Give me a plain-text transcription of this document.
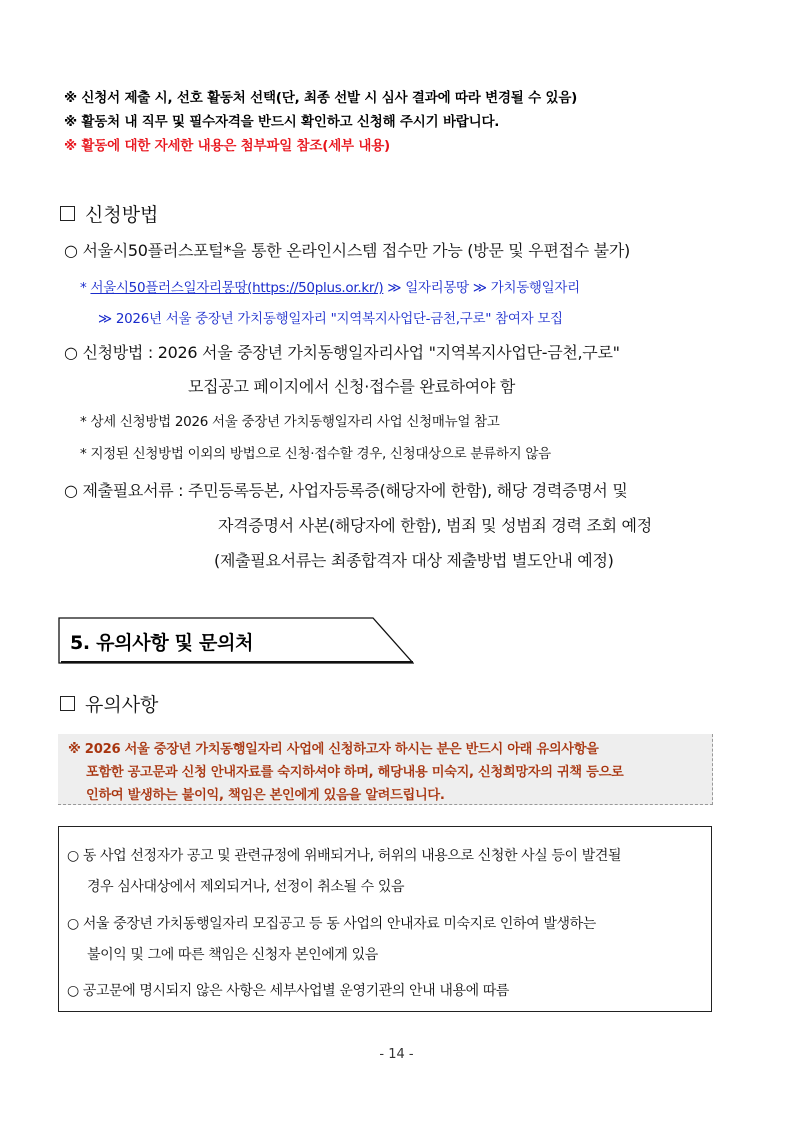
※ 신청서 제출 시, 선호 활동처 선택(단, 최종 선발 시 심사 결과에 따라 변경될 수 있음)
※ 활동처 내 직무 및 필수자격을 반드시 확인하고 신청해 주시기 바랍니다.
※ 활동에 대한 자세한 내용은 첨부파일 참조(세부 내용)
신청방법
○ 서울시50플러스포털*을 통한 온라인시스템 접수만 가능 (방문 및 우편접수 불가)
* 서울시50플러스일자리몽땅(https://50plus.or.kr/) ≫ 일자리몽땅 ≫ 가치동행일자리
≫ 2026년 서울 중장년 가치동행일자리 "지역복지사업단-금천,구로" 참여자 모집
○ 신청방법 : 2026 서울 중장년 가치동행일자리사업 "지역복지사업단-금천,구로"
모집공고 페이지에서 신청·접수를 완료하여야 함
* 상세 신청방법 2026 서울 중장년 가치동행일자리 사업 신청매뉴얼 참고
* 지정된 신청방법 이외의 방법으로 신청·접수할 경우, 신청대상으로 분류하지 않음
○ 제출필요서류 : 주민등록등본, 사업자등록증(해당자에 한함), 해당 경력증명서 및
자격증명서 사본(해당자에 한함), 범죄 및 성범죄 경력 조회 예정
(제출필요서류는 최종합격자 대상 제출방법 별도안내 예정)
5. 유의사항 및 문의처
유의사항
※ 2026 서울 중장년 가치동행일자리 사업에 신청하고자 하시는 분은 반드시 아래 유의사항을
포함한 공고문과 신청 안내자료를 숙지하셔야 하며, 해당내용 미숙지, 신청희망자의 귀책 등으로
인하여 발생하는 불이익, 책임은 본인에게 있음을 알려드립니다.
○ 동 사업 선정자가 공고 및 관련규정에 위배되거나, 허위의 내용으로 신청한 사실 등이 발견될
경우 심사대상에서 제외되거나, 선정이 취소될 수 있음
○ 서울 중장년 가치동행일자리 모집공고 등 동 사업의 안내자료 미숙지로 인하여 발생하는
불이익 및 그에 따른 책임은 신청자 본인에게 있음
○ 공고문에 명시되지 않은 사항은 세부사업별 운영기관의 안내 내용에 따름
- 14 -
